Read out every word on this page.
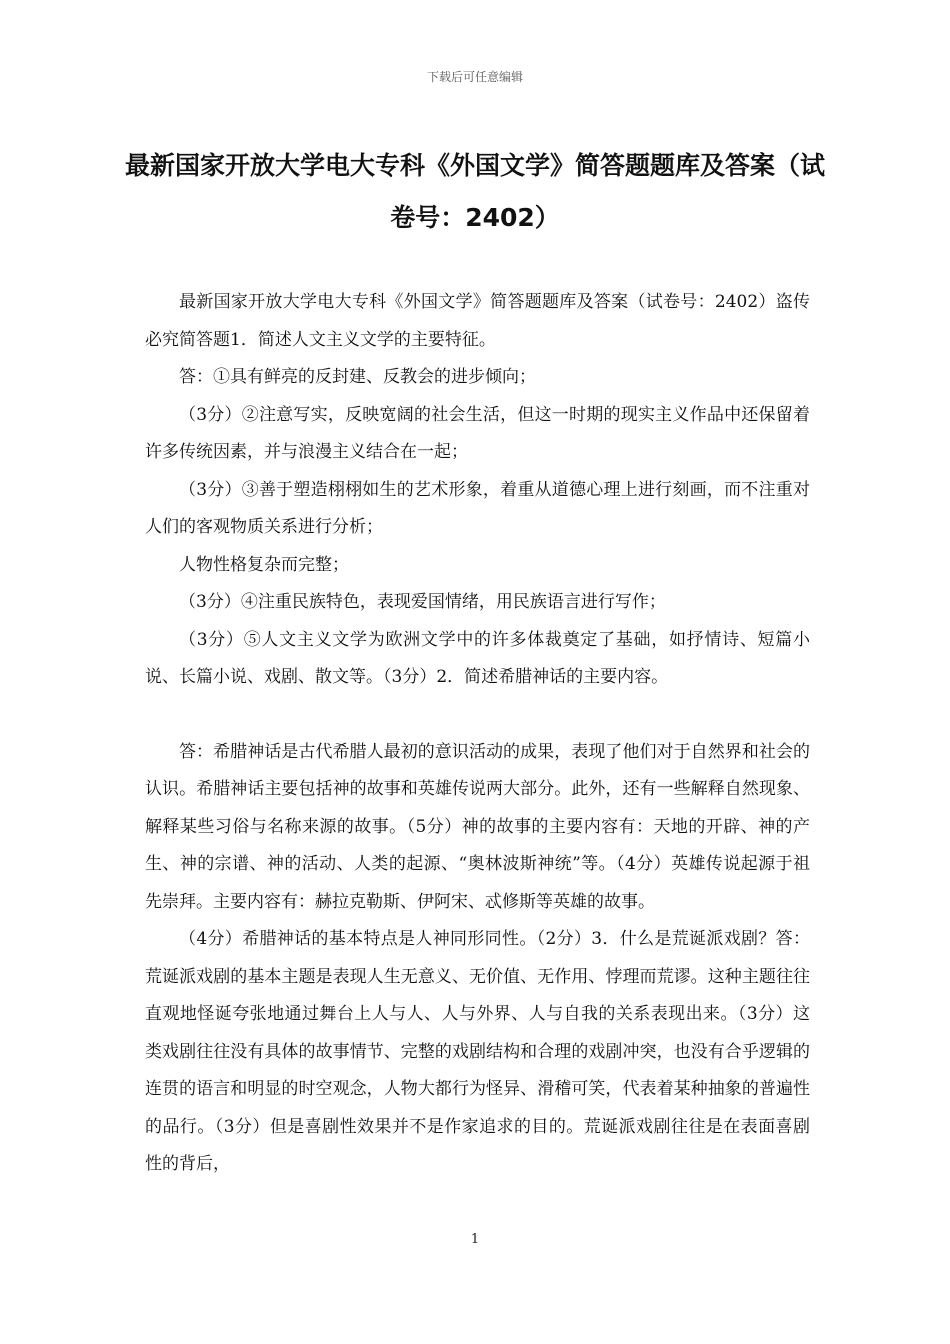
下载后可任意编辑
最新国家开放大学电大专科《外国文学》简答题题库及答案（试卷号：2402）

最新国家开放大学电大专科《外国文学》简答题题库及答案（试卷号：2402）盗传必究简答题1．简述人文主义文学的主要特征。

答：①具有鲜亮的反封建、反教会的进步倾向；

（3分）②注意写实，反映宽阔的社会生活，但这一时期的现实主义作品中还保留着许多传统因素，并与浪漫主义结合在一起；

（3分）③善于塑造栩栩如生的艺术形象，着重从道德心理上进行刻画，而不注重对人们的客观物质关系进行分析；

人物性格复杂而完整；

（3分）④注重民族特色，表现爱国情绪，用民族语言进行写作；

（3分）⑤人文主义文学为欧洲文学中的许多体裁奠定了基础，如抒情诗、短篇小说、长篇小说、戏剧、散文等。（3分）2．简述希腊神话的主要内容。

答：希腊神话是古代希腊人最初的意识活动的成果，表现了他们对于自然界和社会的认识。希腊神话主要包括神的故事和英雄传说两大部分。此外，还有一些解释自然现象、解释某些习俗与名称来源的故事。（5分）神的故事的主要内容有：天地的开辟、神的产生、神的宗谱、神的活动、人类的起源、“奥林波斯神统”等。（4分）英雄传说起源于祖先崇拜。主要内容有：赫拉克勒斯、伊阿宋、忒修斯等英雄的故事。

（4分）希腊神话的基本特点是人神同形同性。（2分）3．什么是荒诞派戏剧？答：荒诞派戏剧的基本主题是表现人生无意义、无价值、无作用、悖理而荒谬。这种主题往往直观地怪诞夸张地通过舞台上人与人、人与外界、人与自我的关系表现出来。（3分）这类戏剧往往没有具体的故事情节、完整的戏剧结构和合理的戏剧冲突，也没有合乎逻辑的连贯的语言和明显的时空观念，人物大都行为怪异、滑稽可笑，代表着某种抽象的普遍性的品行。（3分）但是喜剧性效果并不是作家追求的目的。荒诞派戏剧往往是在表面喜剧性的背后，

1
